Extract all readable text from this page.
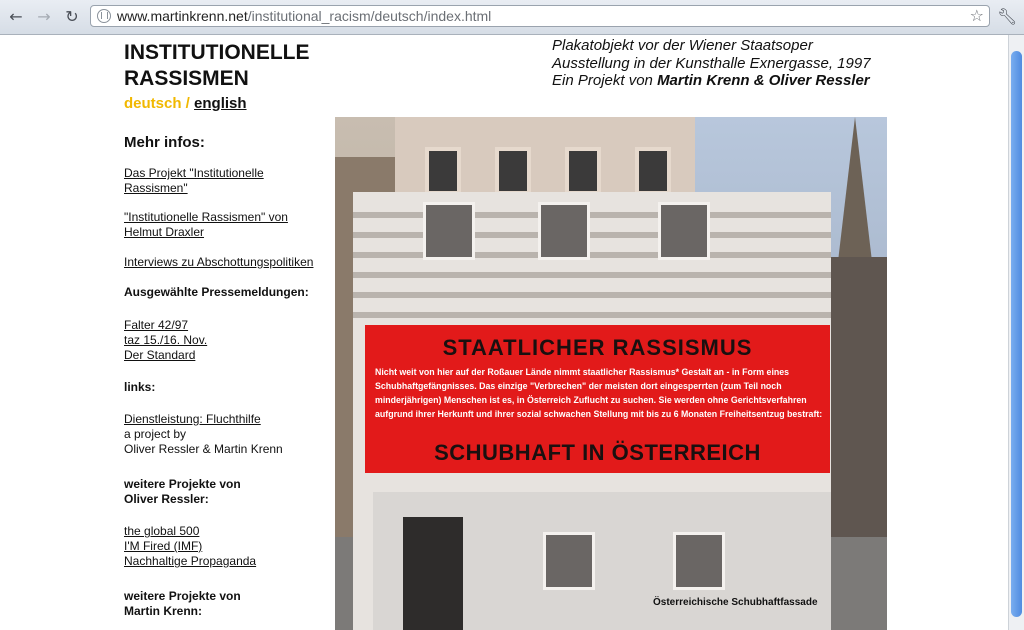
← → ↻	www.martinkrenn.net/institutional_racism/deutsch/index.html	☆ 🔧︎
INSTITUTIONELLE
RASSISMEN
deutsch / english
Plakatobjekt vor der Wiener Staatsoper
Ausstellung in der Kunsthalle Exnergasse, 1997
Ein Projekt von Martin Krenn & Oliver Ressler
Mehr infos:
Das Projekt "Institutionelle Rassismen"
"Institutionelle Rassismen" von Helmut Draxler
Interviews zu Abschottungspolitiken
Ausgewählte Pressemeldungen:
Falter 42/97
taz 15./16. Nov.
Der Standard
links:
Dienstleistung: Fluchthilfe
a project by
Oliver Ressler & Martin Krenn
weitere Projekte von Oliver Ressler:
the global 500
I'M Fired (IMF)
Nachhaltige Propaganda
weitere Projekte von Martin Krenn:
STAATLICHER RASSISMUS
Nicht weit von hier auf der Roßauer Lände nimmt staatlicher Rassismus* Gestalt an - in Form eines Schubhaftgefängnisses. Das einzige "Verbrechen" der meisten dort eingesperrten (zum Teil noch minderjährigen) Menschen ist es, in Österreich Zuflucht zu suchen. Sie werden ohne Gerichtsverfahren aufgrund ihrer Herkunft und ihrer sozial schwachen Stellung mit bis zu 6 Monaten Freiheitsentzug bestraft:
SCHUBHAFT IN ÖSTERREICH
Österreichische Schubhaftfassade
